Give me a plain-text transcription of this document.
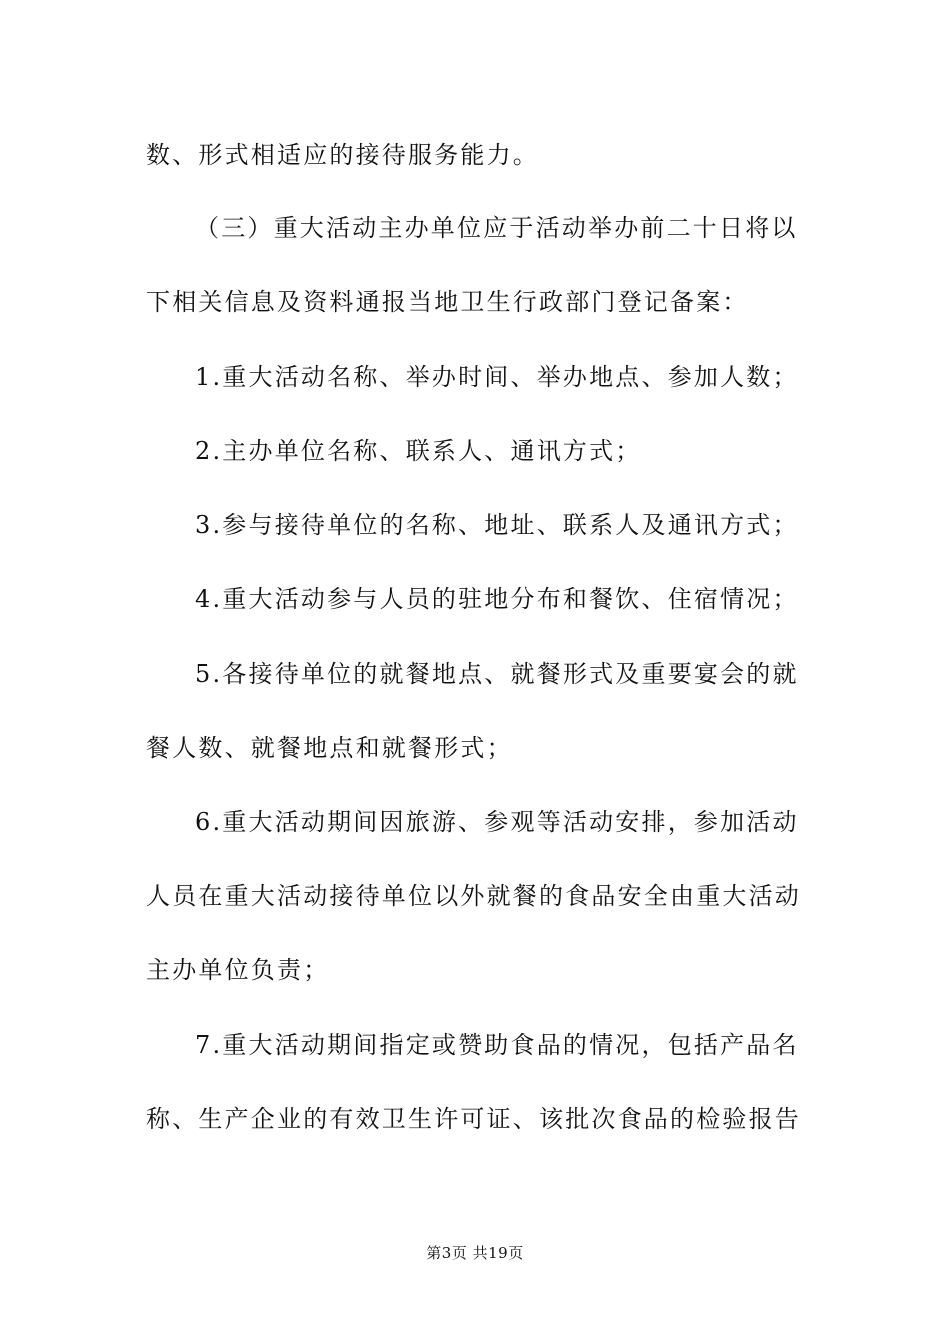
数、形式相适应的接待服务能力。
（三）重大活动主办单位应于活动举办前二十日将以
下相关信息及资料通报当地卫生行政部门登记备案：
1.重大活动名称、举办时间、举办地点、参加人数；
2.主办单位名称、联系人、通讯方式；
3.参与接待单位的名称、地址、联系人及通讯方式；
4.重大活动参与人员的驻地分布和餐饮、住宿情况；
5.各接待单位的就餐地点、就餐形式及重要宴会的就
餐人数、就餐地点和就餐形式；
6.重大活动期间因旅游、参观等活动安排，参加活动
人员在重大活动接待单位以外就餐的食品安全由重大活动
主办单位负责；
7.重大活动期间指定或赞助食品的情况，包括产品名
称、生产企业的有效卫生许可证、该批次食品的检验报告
第3页 共19页
